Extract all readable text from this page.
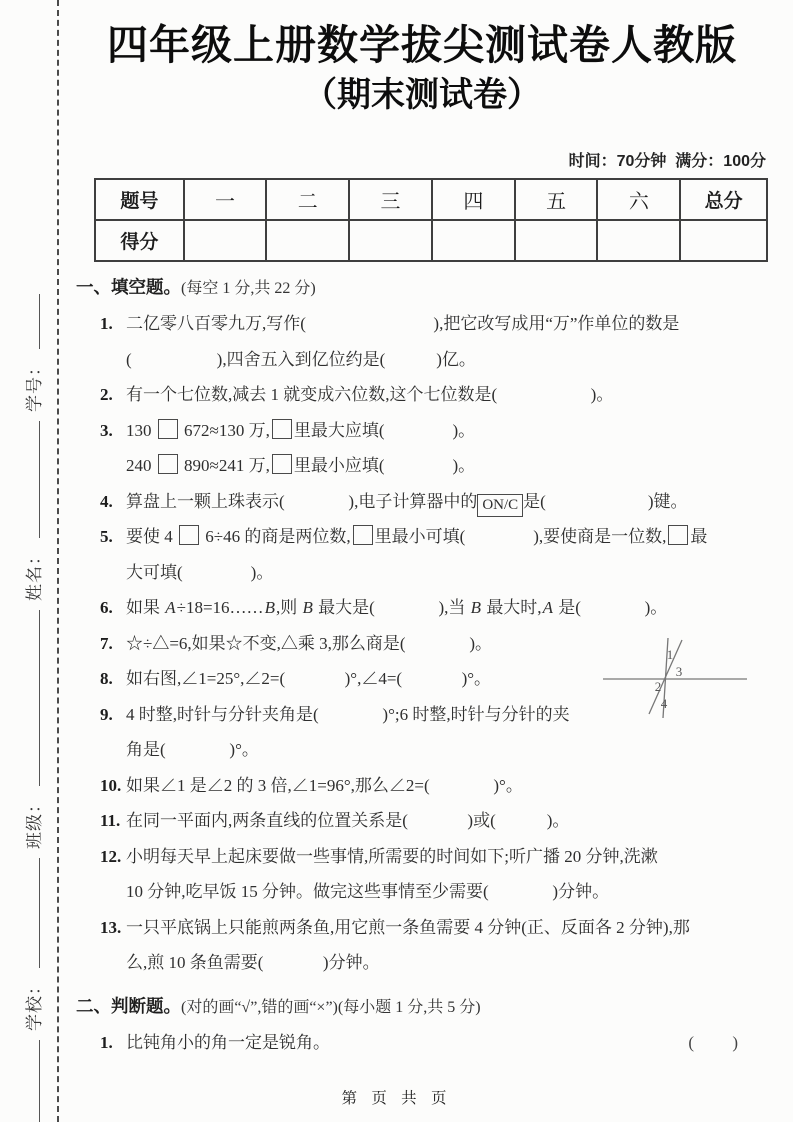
学校：
班级：
姓名：
学号：
四年级上册数学拔尖测试卷人教版
（期末测试卷）
时间：70分钟  满分：100分
题号	一	二	三	四	五	六	总分
得分							
一、填空题。(每空 1 分,共 22 分)
1. 二亿零八百零九万,写作(                              ),把它改写成用“万”作单位的数是
(                    ),四舍五入到亿位约是(            )亿。
2. 有一个七位数,减去 1 就变成六位数,这个七位数是(                      )。
3. 130  672≈130 万, 里最大应填(                )。
240  890≈241 万, 里最小应填(                )。
4. 算盘上一颗上珠表示(               ),电子计算器中的 ON/C 是(                        )键。
5. 要使 4  6÷46 的商是两位数, 里最小可填(                ),要使商是一位数, 最
大可填(                )。
6. 如果 A÷18=16……B,则 B 最大是(               ),当 B 最大时,A 是(               )。
7. ☆÷△=6,如果☆不变,△乘 3,那么商是(               )。
8. 如右图,∠1=25°,∠2=(              )°,∠4=(              )°。
9. 4 时整,时针与分针夹角是(               )°;6 时整,时针与分针的夹
角是(               )°。
10. 如果∠1 是∠2 的 3 倍,∠1=96°,那么∠2=(               )°。
11. 在同一平面内,两条直线的位置关系是(              )或(            )。
12. 小明每天早上起床要做一些事情,所需要的时间如下;听广播 20 分钟,洗漱
10 分钟,吃早饭 15 分钟。做完这些事情至少需要(               )分钟。
13. 一只平底锅上只能煎两条鱼,用它煎一条鱼需要 4 分钟(正、反面各 2 分钟),那
么,煎 10 条鱼需要(              )分钟。
二、判断题。(对的画“√”,错的画“×”)(每小题 1 分,共 5 分)
1. 比钝角小的角一定是锐角。	(         )
1
2
3
4
第 页 共 页
